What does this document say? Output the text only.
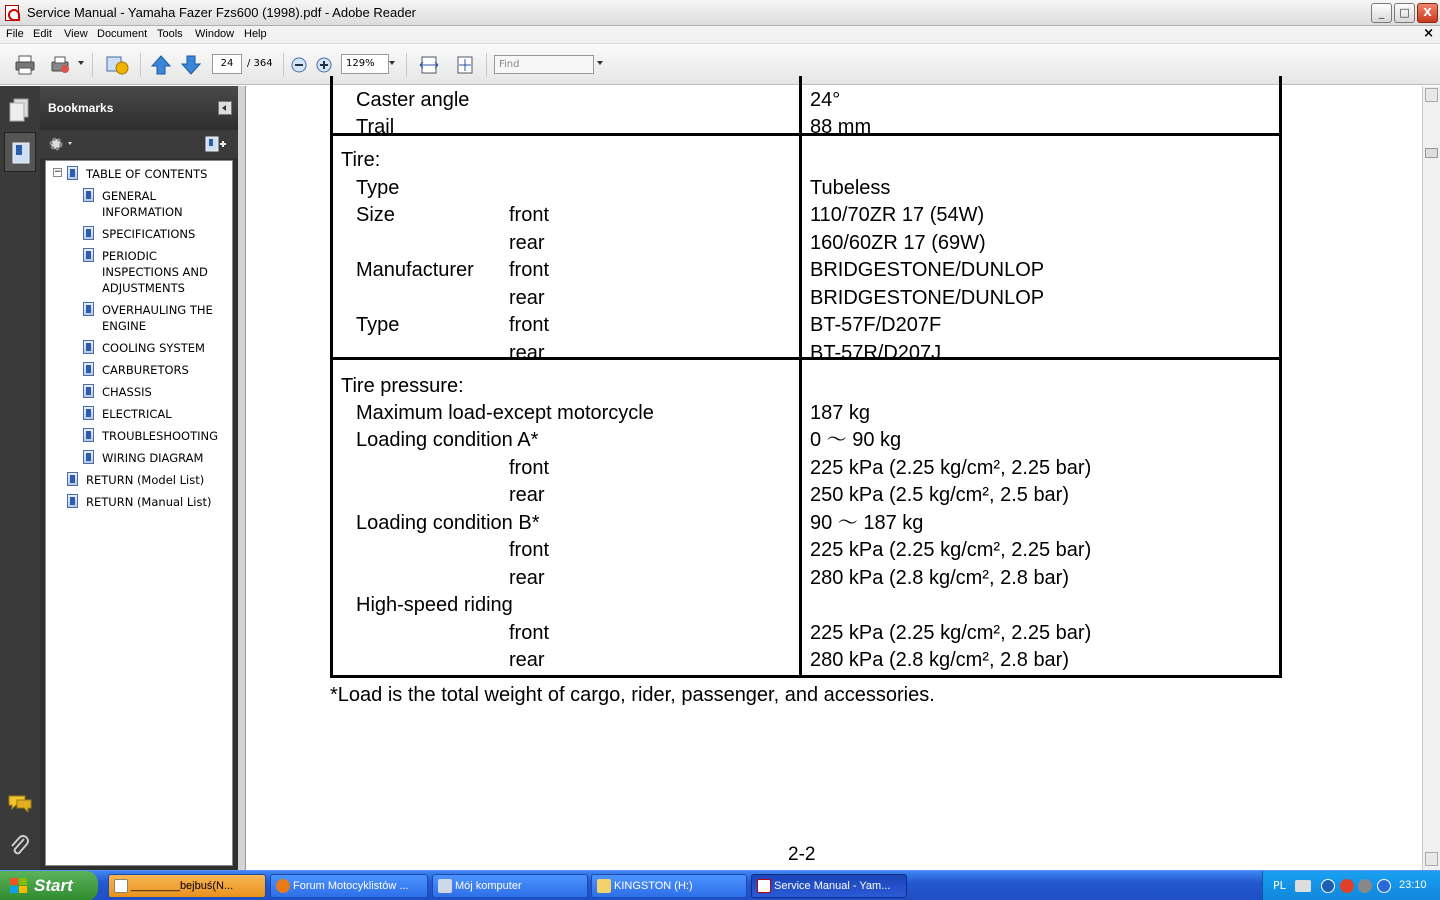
Service Manual - Yamaha Fazer Fzs600 (1998).pdf - Adobe Reader	_	□	X
File Edit View Document Tools Window Help	×
24	/ 364	129%	Find
Bookmarks
− TABLE OF CONTENTS
GENERAL
INFORMATION
SPECIFICATIONS
PERIODIC
INSPECTIONS AND
ADJUSTMENTS
OVERHAULING THE
ENGINE
COOLING SYSTEM
CARBURETORS
CHASSIS
ELECTRICAL
TROUBLESHOOTING
WIRING DIAGRAM
RETURN (Model List)
RETURN (Manual List)
Caster angle	24°
Trail	88 mm
Tire:
Type	Tubeless
Size	front	110/70ZR 17 (54W)
rear	160/60ZR 17 (69W)
Manufacturer front	BRIDGESTONE/DUNLOP
rear	BRIDGESTONE/DUNLOP
Type	front	BT-57F/D207F
rear	BT-57R/D207J
Tire pressure:
Maximum load-except motorcycle	187 kg
Loading condition A*	0 ～ 90 kg
front	225 kPa (2.25 kg/cm², 2.25 bar)
rear	250 kPa (2.5 kg/cm², 2.5 bar)
Loading condition B*	90 ～ 187 kg
front	225 kPa (2.25 kg/cm², 2.25 bar)
rear	280 kPa (2.8 kg/cm², 2.8 bar)
High-speed riding
front	225 kPa (2.25 kg/cm², 2.25 bar)
rear	280 kPa (2.8 kg/cm², 2.8 bar)
*Load is the total weight of cargo, rider, passenger, and accessories.
2-2
Start	________bejbuś(N...	Forum Motocyklistów ...	Mój komputer	KINGSTON (H:)	Service Manual - Yam...	PL	23:10
